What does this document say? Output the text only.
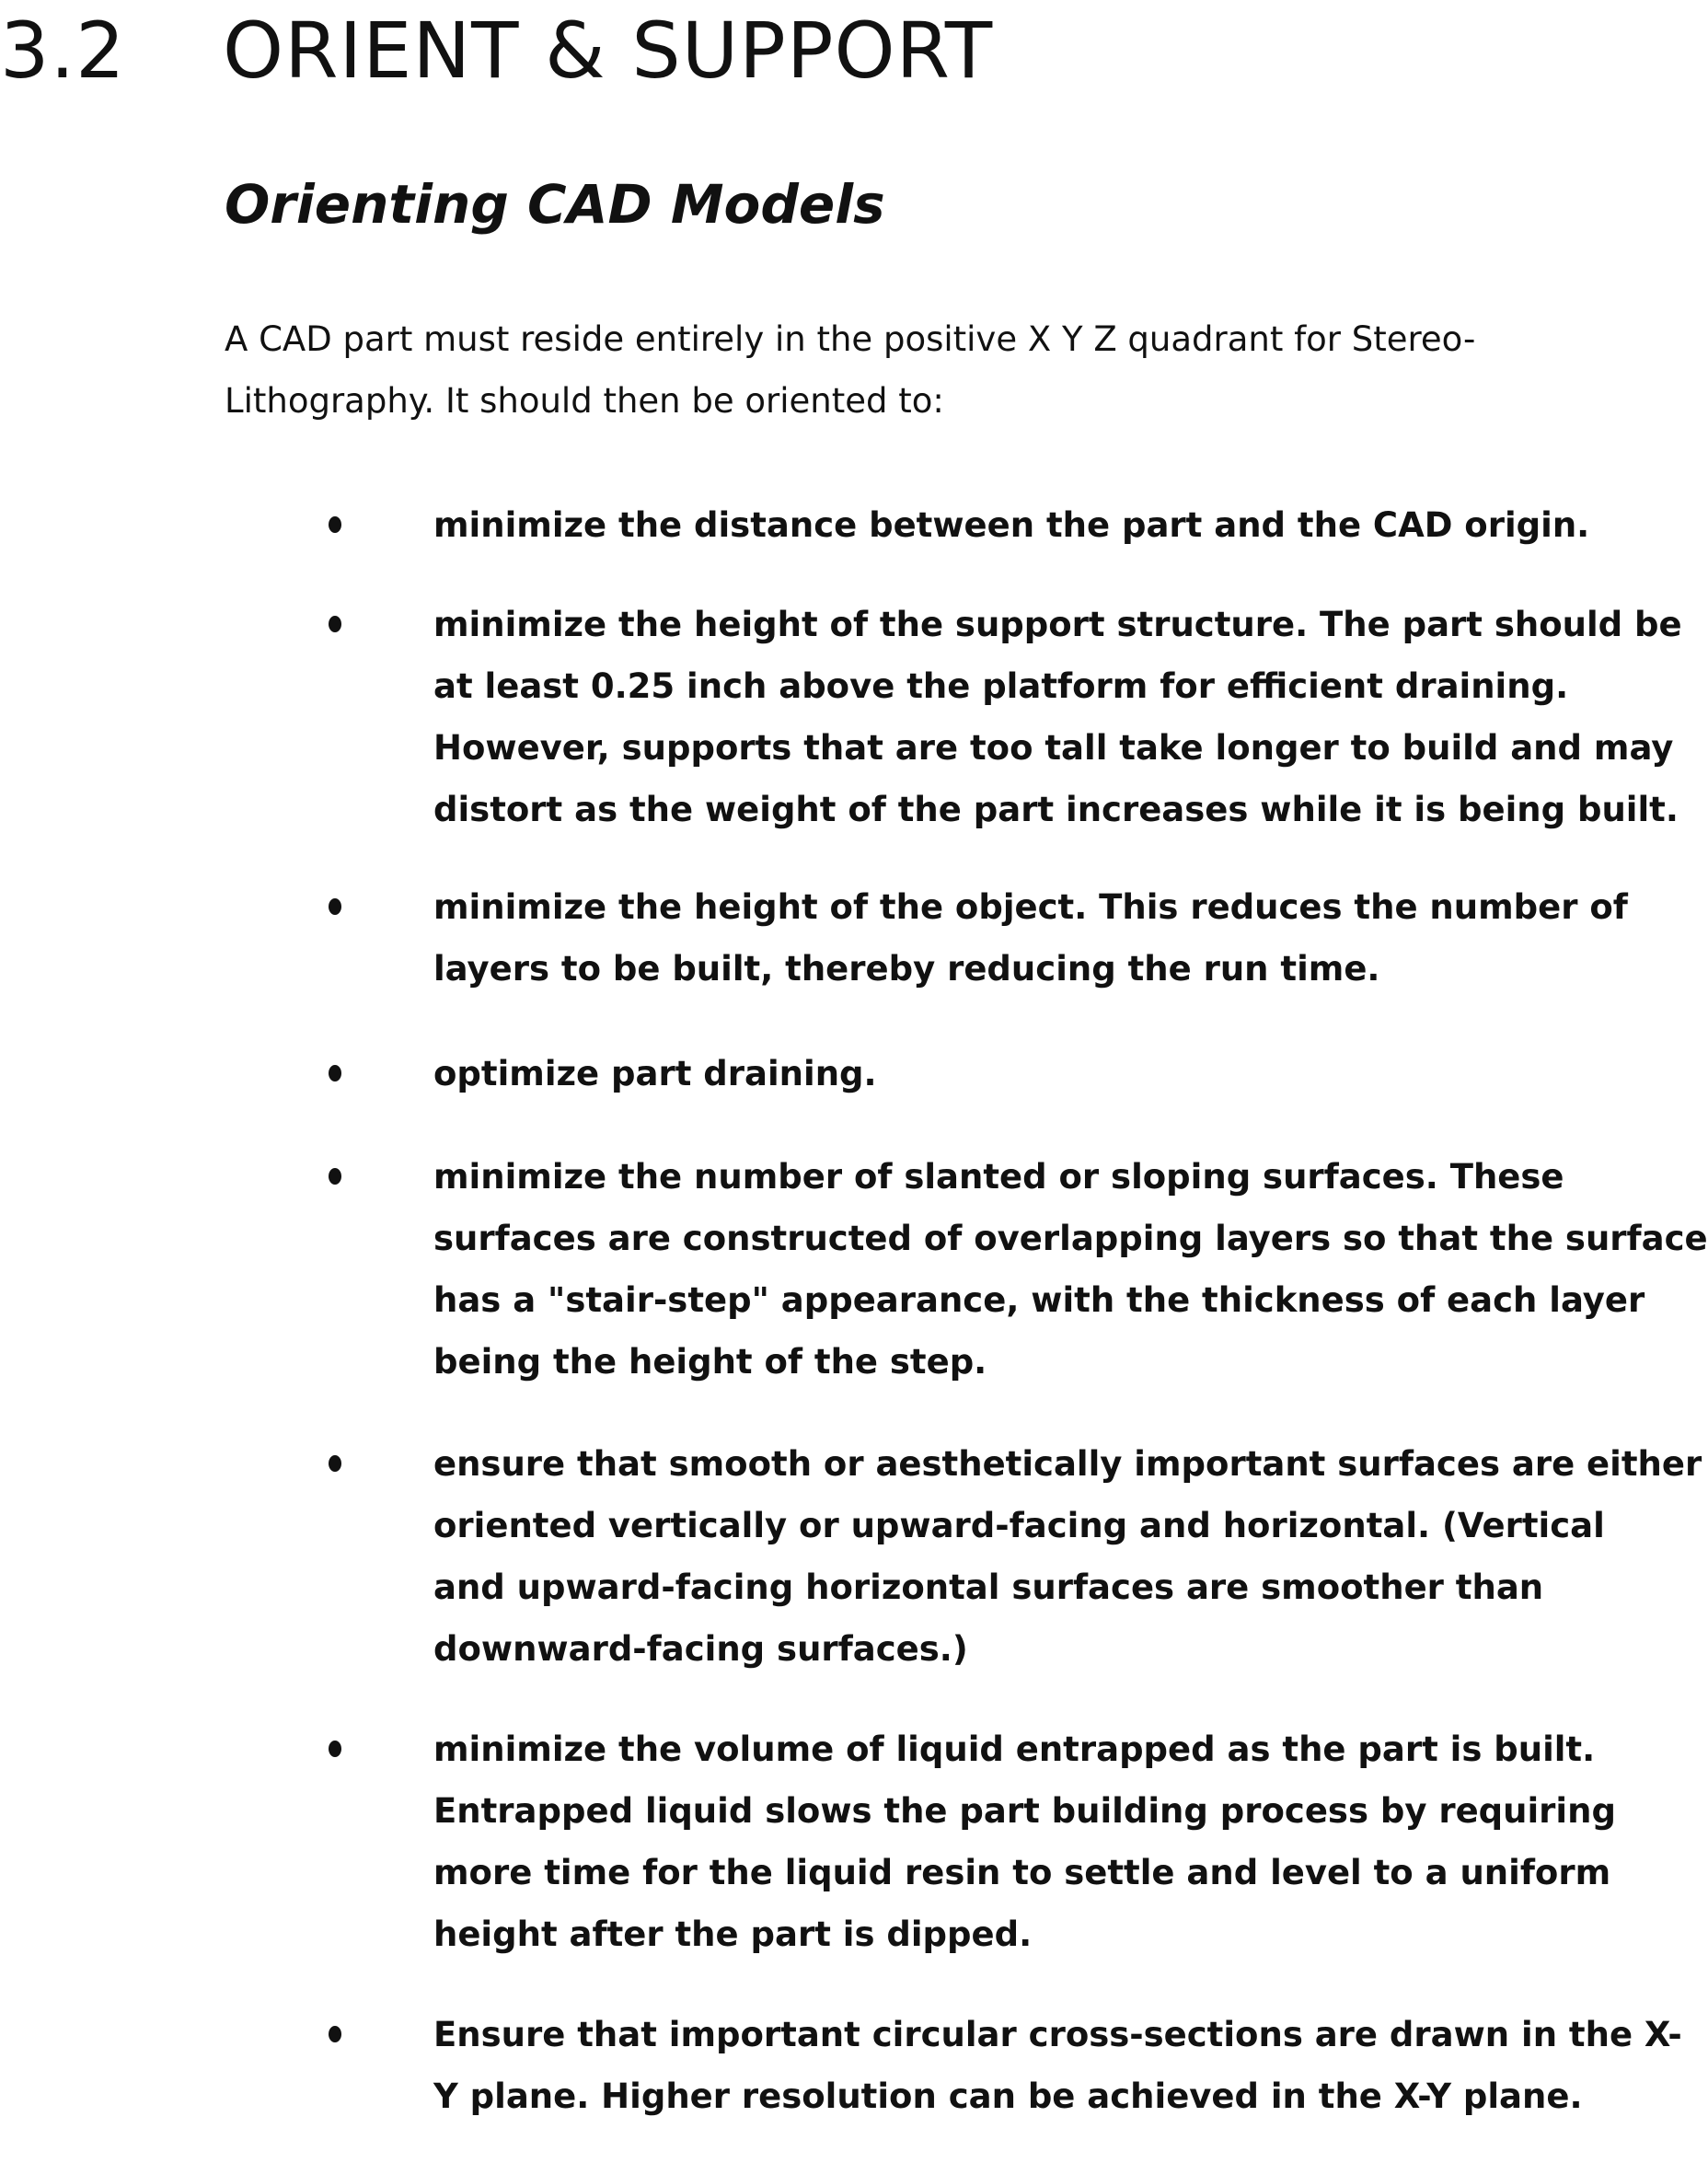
3.2 ORIENT & SUPPORT
Orienting CAD Models
A CAD part must reside entirely in the positive X Y Z quadrant for Stereo-
Lithography. It should then be oriented to:
minimize the distance between the part and the CAD origin.
minimize the height of the support structure. The part should be
at least 0.25 inch above the platform for efficient draining.
However, supports that are too tall take longer to build and may
distort as the weight of the part increases while it is being built.
minimize the height of the object. This reduces the number of
layers to be built, thereby reducing the run time.
optimize part draining.
minimize the number of slanted or sloping surfaces. These
surfaces are constructed of overlapping layers so that the surface
has a "stair-step" appearance, with the thickness of each layer
being the height of the step.
ensure that smooth or aesthetically important surfaces are either
oriented vertically or upward-facing and horizontal. (Vertical
and upward-facing horizontal surfaces are smoother than
downward-facing surfaces.)
minimize the volume of liquid entrapped as the part is built.
Entrapped liquid slows the part building process by requiring
more time for the liquid resin to settle and level to a uniform
height after the part is dipped.
Ensure that important circular cross-sections are drawn in the X-
Y plane. Higher resolution can be achieved in the X-Y plane.
